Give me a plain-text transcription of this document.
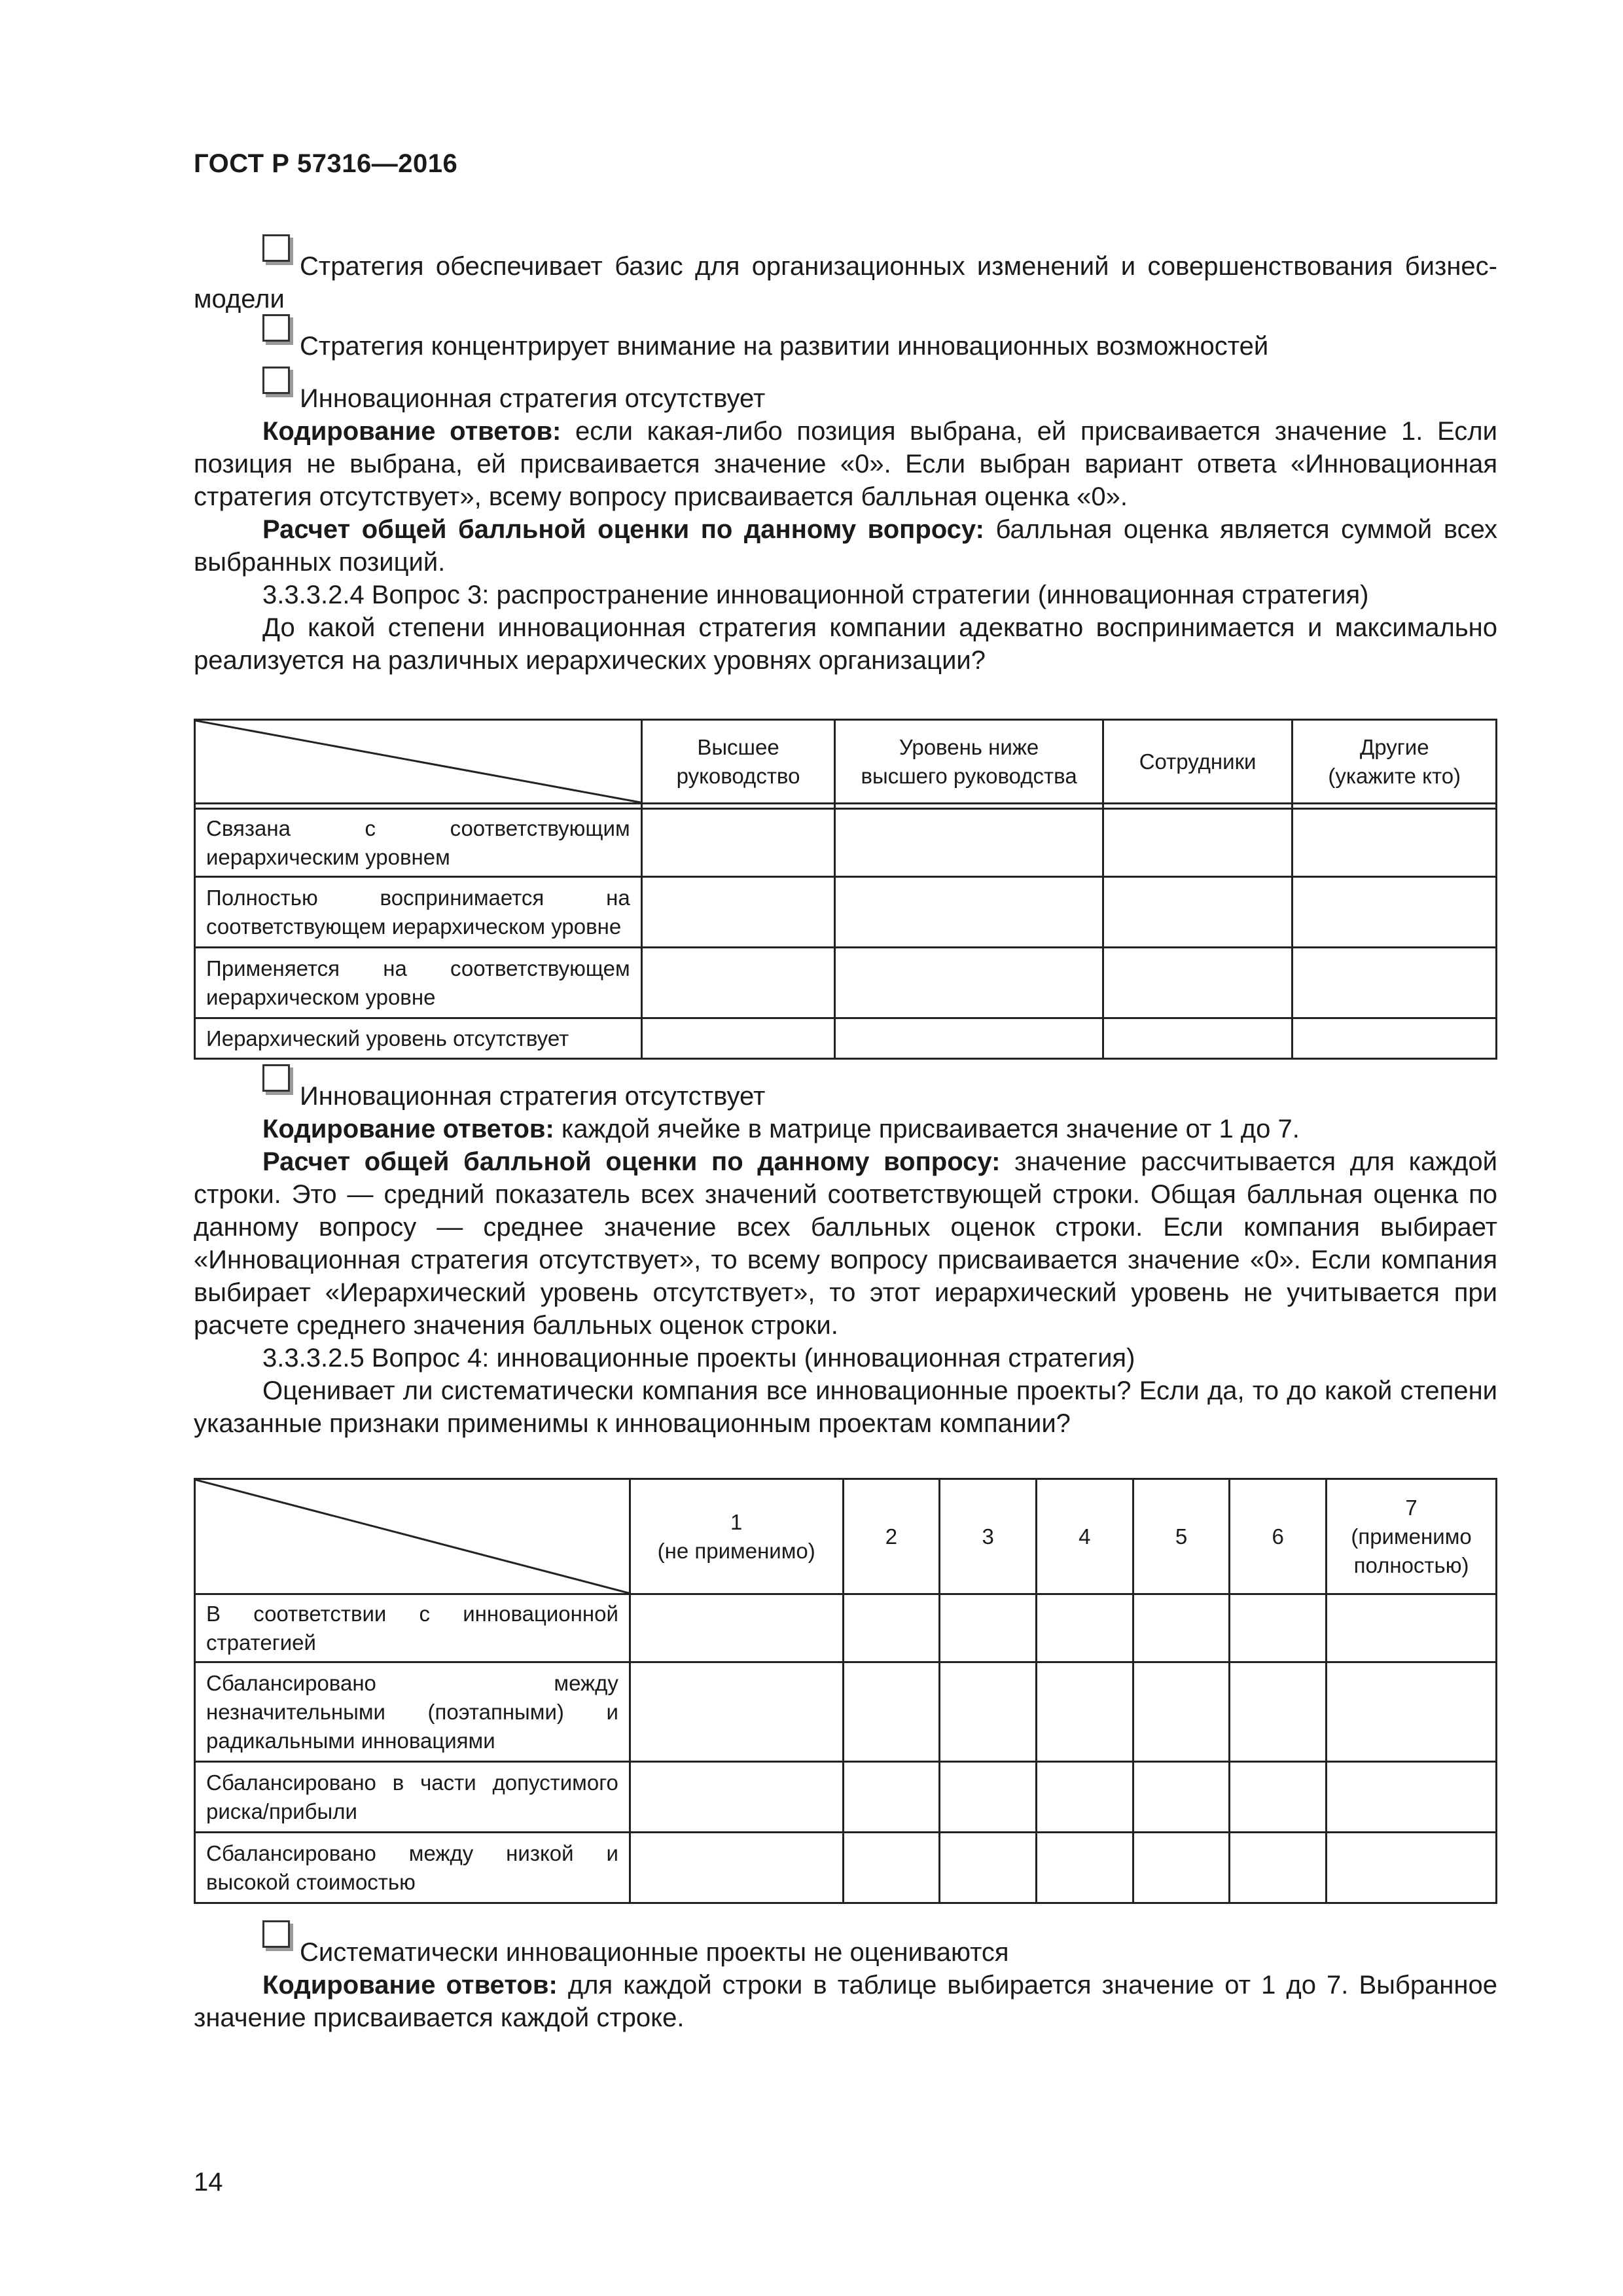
ГОСТ Р 57316—2016

Стратегия обеспечивает базис для организационных изменений и совершенствования бизнес-модели

Стратегия концентрирует внимание на развитии инновационных возможностей

Инновационная стратегия отсутствует

Кодирование ответов: если какая-либо позиция выбрана, ей присваивается значение 1. Если позиция не выбрана, ей присваивается значение «0». Если выбран вариант ответа «Инновационная стратегия отсутствует», всему вопросу присваивается балльная оценка «0».

Расчет общей балльной оценки по данному вопросу: балльная оценка является суммой всех выбранных позиций.

3.3.3.2.4 Вопрос 3: распространение инновационной стратегии (инновационная стратегия)

До какой степени инновационная стратегия компании адекватно воспринимается и максимально реализуется на различных иерархических уровнях организации?

	Высшее
руководство	Уровень ниже
высшего руководства	Сотрудники	Другие
(укажите кто)

Связана с соответствующим иерархическим уровнем				
Полностью воспринимается на соответствующем иерархическом уровне				
Применяется на соответствующем иерархическом уровне				
Иерархический уровень отсутствует				

Инновационная стратегия отсутствует

Кодирование ответов: каждой ячейке в матрице присваивается значение от 1 до 7.

Расчет общей балльной оценки по данному вопросу: значение рассчитывается для каждой строки. Это — средний показатель всех значений соответствующей строки. Общая балльная оценка по данному вопросу — среднее значение всех балльных оценок строки. Если компания выбирает «Инновационная стратегия отсутствует», то всему вопросу присваивается значение «0». Если компания выбирает «Иерархический уровень отсутствует», то этот иерархический уровень не учитывается при расчете среднего значения балльных оценок строки.

3.3.3.2.5 Вопрос 4: инновационные проекты (инновационная стратегия)

Оценивает ли систематически компания все инновационные проекты? Если да, то до какой степени указанные признаки применимы к инновационным проектам компании?

	1
(не применимо)	2	3	4	5	6	7
(применимо
полностью)
В соответствии с инновационной стратегией							
Сбалансировано между незначительными (поэтапными) и радикальными инновациями							
Сбалансировано в части допустимого риска/прибыли							
Сбалансировано между низкой и высокой стоимостью							

Систематически инновационные проекты не оцениваются

Кодирование ответов: для каждой строки в таблице выбирается значение от 1 до 7. Выбранное значение присваивается каждой строке.

14
